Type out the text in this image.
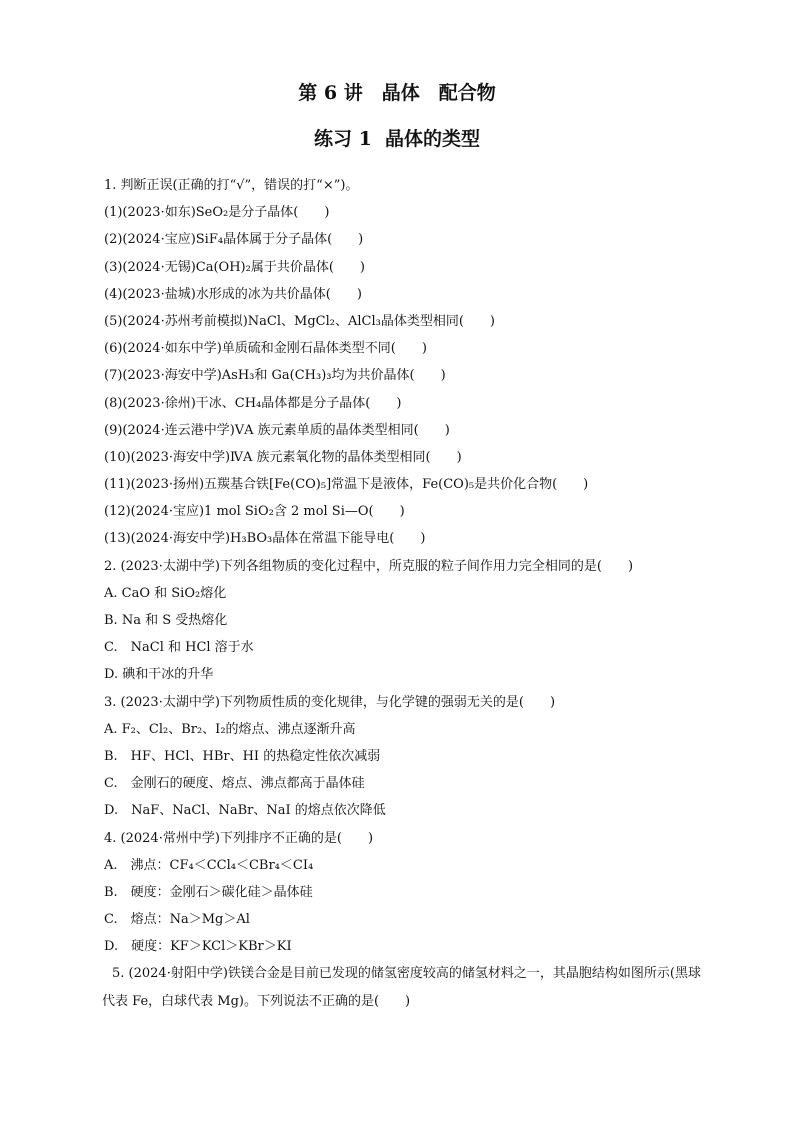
第 6 讲　晶体　配合物
练习 1  晶体的类型
1. 判断正误(正确的打“√”，错误的打“×”)。
(1)(2023·如东)SeO₂是分子晶体(　　)
(2)(2024·宝应)SiF₄晶体属于分子晶体(　　)
(3)(2024·无锡)Ca(OH)₂属于共价晶体(　　)
(4)(2023·盐城)水形成的冰为共价晶体(　　)
(5)(2024·苏州考前模拟)NaCl、MgCl₂、AlCl₃晶体类型相同(　　)
(6)(2024·如东中学)单质硫和金刚石晶体类型不同(　　)
(7)(2023·海安中学)AsH₃和 Ga(CH₃)₃均为共价晶体(　　)
(8)(2023·徐州)干冰、CH₄晶体都是分子晶体(　　)
(9)(2024·连云港中学)ⅤA 族元素单质的晶体类型相同(　　)
(10)(2023·海安中学)ⅣA 族元素氧化物的晶体类型相同(　　)
(11)(2023·扬州)五羰基合铁[Fe(CO)₅]常温下是液体，Fe(CO)₅是共价化合物(　　)
(12)(2024·宝应)1 mol SiO₂含 2 mol Si—O(　　)
(13)(2024·海安中学)H₃BO₃晶体在常温下能导电(　　)
2. (2023·太湖中学)下列各组物质的变化过程中，所克服的粒子间作用力完全相同的是(　　)
A. CaO 和 SiO₂熔化
B. Na 和 S 受热熔化
C.　NaCl 和 HCl 溶于水
D. 碘和干冰的升华
3. (2023·太湖中学)下列物质性质的变化规律，与化学键的强弱无关的是(　　)
A. F₂、Cl₂、Br₂、I₂的熔点、沸点逐渐升高
B.　HF、HCl、HBr、HI 的热稳定性依次减弱
C.　金刚石的硬度、熔点、沸点都高于晶体硅
D.　NaF、NaCl、NaBr、NaI 的熔点依次降低
4. (2024·常州中学)下列排序不正确的是(　　)
A.　沸点：CF₄＜CCl₄＜CBr₄＜CI₄
B.　硬度：金刚石＞碳化硅＞晶体硅
C.　熔点：Na＞Mg＞Al
D.　硬度：KF＞KCl＞KBr＞KI
5. (2024·射阳中学)铁镁合金是目前已发现的储氢密度较高的储氢材料之一，其晶胞结构如图所示(黑球
代表 Fe，白球代表 Mg)。下列说法不正确的是(　　)
